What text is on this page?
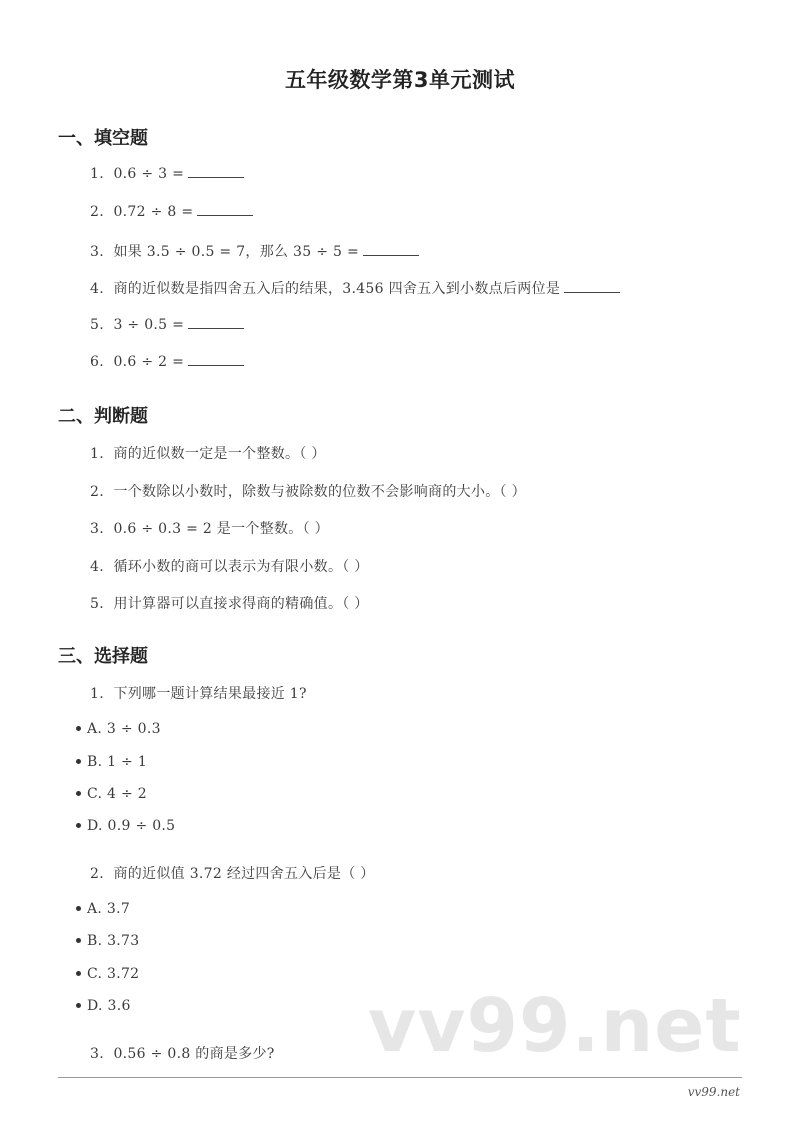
五年级数学第3单元测试
一、填空题
1.  0.6 ÷ 3 =
2.  0.72 ÷ 8 =
3.  如果 3.5 ÷ 0.5 = 7，那么 35 ÷ 5 =
4.  商的近似数是指四舍五入后的结果，3.456 四舍五入到小数点后两位是
5.  3 ÷ 0.5 =
6.  0.6 ÷ 2 =
二、判断题
1.  商的近似数一定是一个整数。（ ）
2.  一个数除以小数时，除数与被除数的位数不会影响商的大小。（ ）
3.  0.6 ÷ 0.3 = 2 是一个整数。（ ）
4.  循环小数的商可以表示为有限小数。（ ）
5.  用计算器可以直接求得商的精确值。（ ）
三、选择题
1.  下列哪一题计算结果最接近 1?
A. 3 ÷ 0.3
B. 1 ÷ 1
C. 4 ÷ 2
D. 0.9 ÷ 0.5
2.  商的近似值 3.72 经过四舍五入后是（ ）
A. 3.7
B. 3.73
C. 3.72
D. 3.6	vv99.net
3.  0.56 ÷ 0.8 的商是多少?
vv99.net
